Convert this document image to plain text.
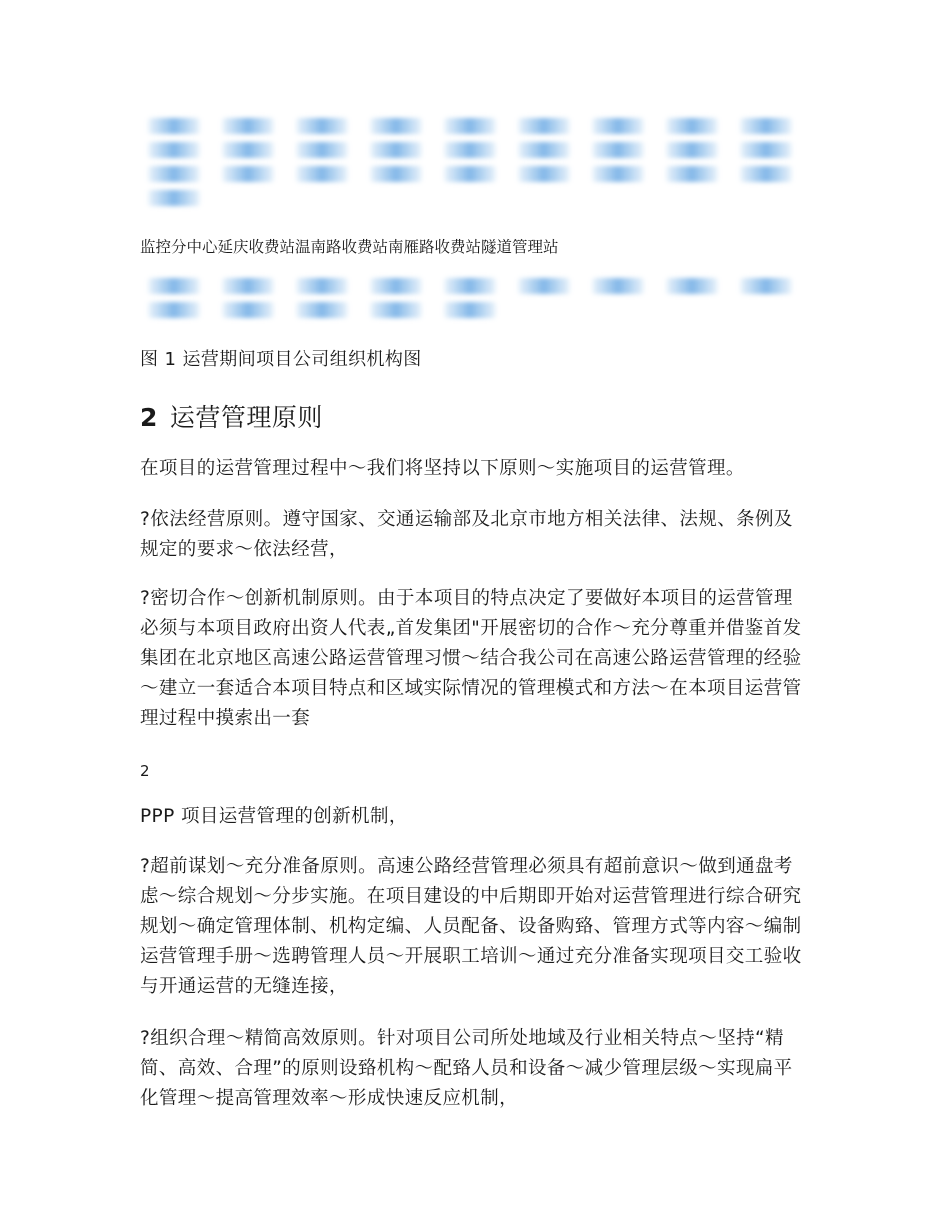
监控分中心延庆收费站温南路收费站南雁路收费站隧道管理站

图 1 运营期间项目公司组织机构图

2 运营管理原则

在项目的运营管理过程中～我们将坚持以下原则～实施项目的运营管理。

?依法经营原则。遵守国家、交通运输部及北京市地方相关法律、法规、条例及规定的要求～依法经营，

?密切合作～创新机制原则。由于本项目的特点决定了要做好本项目的运营管理必须与本项目政府出资人代表„首发集团"开展密切的合作～充分尊重并借鉴首发集团在北京地区高速公路运营管理习惯～结合我公司在高速公路运营管理的经验～建立一套适合本项目特点和区域实际情况的管理模式和方法～在本项目运营管理过程中摸索出一套

2

PPP 项目运营管理的创新机制，

?超前谋划～充分准备原则。高速公路经营管理必须具有超前意识～做到通盘考虑～综合规划～分步实施。在项目建设的中后期即开始对运营管理进行综合研究规划～确定管理体制、机构定编、人员配备、设备购臵、管理方式等内容～编制运营管理手册～选聘管理人员～开展职工培训～通过充分准备实现项目交工验收与开通运营的无缝连接，

?组织合理～精简高效原则。针对项目公司所处地域及行业相关特点～坚持“精简、高效、合理”的原则设臵机构～配臵人员和设备～减少管理层级～实现扁平化管理～提高管理效率～形成快速反应机制，
